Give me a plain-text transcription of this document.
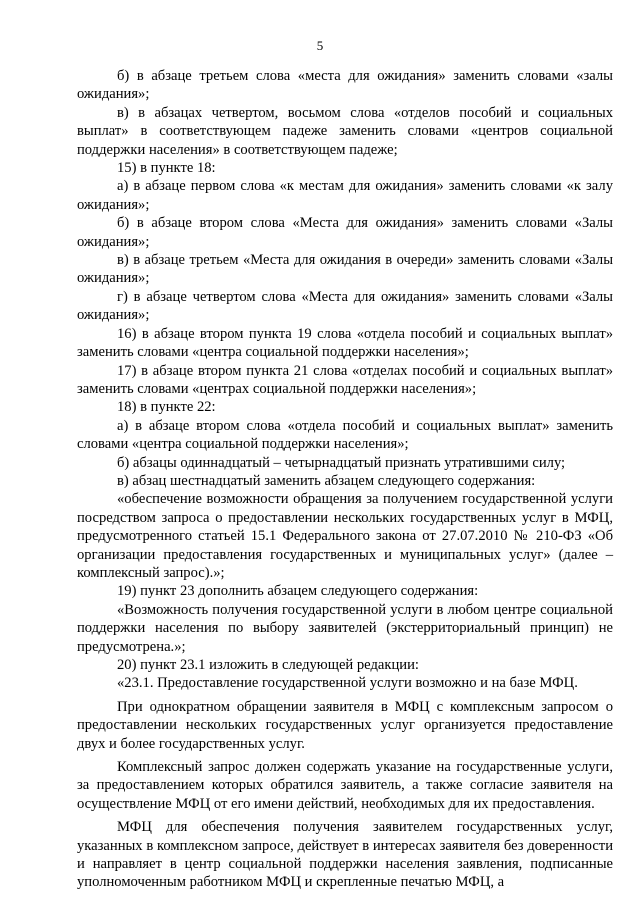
5

б) в абзаце третьем слова «места для ожидания» заменить словами «залы ожидания»;

в) в абзацах четвертом, восьмом слова «отделов пособий и социальных выплат» в соответствующем падеже заменить словами «центров социальной поддержки населения» в соответствующем падеже;

15) в пункте 18:

а) в абзаце первом слова «к местам для ожидания» заменить словами «к залу ожидания»;

б) в абзаце втором слова «Места для ожидания» заменить словами «Залы ожидания»;

в) в абзаце третьем «Места для ожидания в очереди» заменить словами «Залы ожидания»;

г) в абзаце четвертом слова «Места для ожидания» заменить словами «Залы ожидания»;

16) в абзаце втором пункта 19 слова «отдела пособий и социальных выплат» заменить словами «центра социальной поддержки населения»;

17) в абзаце втором пункта 21 слова «отделах пособий и социальных выплат» заменить словами «центрах социальной поддержки населения»;

18) в пункте 22:

а) в абзаце втором слова «отдела пособий и социальных выплат» заменить словами «центра социальной поддержки населения»;

б) абзацы одиннадцатый – четырнадцатый признать утратившими силу;

в) абзац шестнадцатый заменить абзацем следующего содержания:

«обеспечение возможности обращения за получением государственной услуги посредством запроса о предоставлении нескольких государственных услуг в МФЦ, предусмотренного статьей 15.1 Федерального закона от 27.07.2010 № 210-ФЗ «Об организации предоставления государственных и муниципальных услуг» (далее – комплексный запрос).»;

19) пункт 23 дополнить абзацем следующего содержания:

«Возможность получения государственной услуги в любом центре социальной поддержки населения по выбору заявителей (экстерриториальный принцип) не предусмотрена.»;

20) пункт 23.1 изложить в следующей редакции:

«23.1. Предоставление государственной услуги возможно и на базе МФЦ.

При однократном обращении заявителя в МФЦ с комплексным запросом о предоставлении нескольких государственных услуг организуется предоставление двух и более государственных услуг.

Комплексный запрос должен содержать указание на государственные услуги, за предоставлением которых обратился заявитель, а также согласие заявителя на осуществление МФЦ от его имени действий, необходимых для их предоставления.

МФЦ для обеспечения получения заявителем государственных услуг, указанных в комплексном запросе, действует в интересах заявителя без доверенности и направляет в центр социальной поддержки населения заявления, подписанные уполномоченным работником МФЦ и скрепленные печатью МФЦ, а
